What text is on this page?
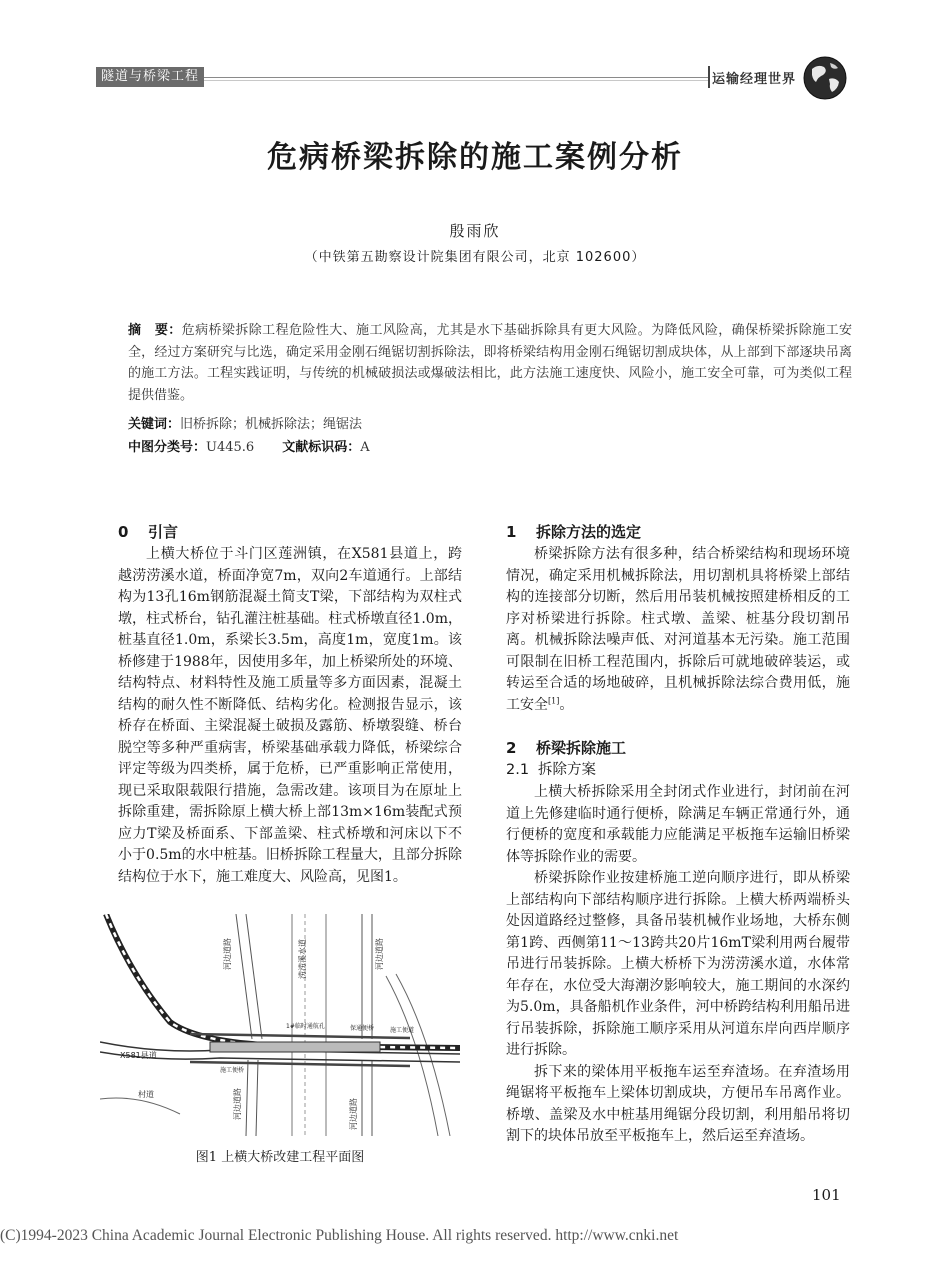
隧道与桥梁工程	运输经理世界
危病桥梁拆除的施工案例分析
殷雨欣
（中铁第五勘察设计院集团有限公司，北京 102600）
摘　要：危病桥梁拆除工程危险性大、施工风险高，尤其是水下基础拆除具有更大风险。为降低风险，确保桥梁拆除施工安全，经过方案研究与比选，确定采用金刚石绳锯切割拆除法，即将桥梁结构用金刚石绳锯切割成块体，从上部到下部逐块吊离的施工方法。工程实践证明，与传统的机械破损法或爆破法相比，此方法施工速度快、风险小，施工安全可靠，可为类似工程提供借鉴。
关键词：旧桥拆除；机械拆除法；绳锯法
中图分类号：U445.6 文献标识码：A
0 引言

上横大桥位于斗门区莲洲镇，在X581县道上，跨越涝涝溪水道，桥面净宽7m，双向2车道通行。上部结构为13孔16m钢筋混凝土简支T梁，下部结构为双柱式墩，柱式桥台，钻孔灌注桩基础。柱式桥墩直径1.0m，桩基直径1.0m，系梁长3.5m，高度1m，宽度1m。该桥修建于1988年，因使用多年，加上桥梁所处的环境、结构特点、材料特性及施工质量等多方面因素，混凝土结构的耐久性不断降低、结构劣化。检测报告显示，该桥存在桥面、主梁混凝土破损及露筋、桥墩裂缝、桥台脱空等多种严重病害，桥梁基础承载力降低，桥梁综合评定等级为四类桥，属于危桥，已严重影响正常使用，现已采取限载限行措施，急需改建。该项目为在原址上拆除重建，需拆除原上横大桥上部13m×16m装配式预应力T梁及桥面系、下部盖梁、柱式桥墩和河床以下不小于0.5m的水中桩基。旧桥拆除工程量大，且部分拆除结构位于水下，施工难度大、风险高，见图1。

涝涝溪水道
河边道路
河边道路
河边道路
河边道路
X581县道
村道
1#临时通航孔	保通便桥	施工便道
施工便桥
图1 上横大桥改建工程平面图
1 拆除方法的选定

桥梁拆除方法有很多种，结合桥梁结构和现场环境情况，确定采用机械拆除法，用切割机具将桥梁上部结构的连接部分切断，然后用吊装机械按照建桥相反的工序对桥梁进行拆除。柱式墩、盖梁、桩基分段切割吊离。机械拆除法噪声低、对河道基本无污染。施工范围可限制在旧桥工程范围内，拆除后可就地破碎装运，或转运至合适的场地破碎，且机械拆除法综合费用低，施工安全[1]。

2 桥梁拆除施工
2.1 拆除方案

上横大桥拆除采用全封闭式作业进行，封闭前在河道上先修建临时通行便桥，除满足车辆正常通行外，通行便桥的宽度和承载能力应能满足平板拖车运输旧桥梁体等拆除作业的需要。

桥梁拆除作业按建桥施工逆向顺序进行，即从桥梁上部结构向下部结构顺序进行拆除。上横大桥两端桥头处因道路经过整修，具备吊装机械作业场地，大桥东侧第1跨、西侧第11～13跨共20片16mT梁利用两台履带吊进行吊装拆除。上横大桥桥下为涝涝溪水道，水体常年存在，水位受大海潮汐影响较大，施工期间的水深约为5.0m，具备船机作业条件，河中桥跨结构利用船吊进行吊装拆除，拆除施工顺序采用从河道东岸向西岸顺序进行拆除。

拆下来的梁体用平板拖车运至弃渣场。在弃渣场用绳锯将平板拖车上梁体切割成块，方便吊车吊离作业。桥墩、盖梁及水中桩基用绳锯分段切割，利用船吊将切割下的块体吊放至平板拖车上，然后运至弃渣场。

101
(C)1994-2023 China Academic Journal Electronic Publishing House. All rights reserved. http://www.cnki.net
